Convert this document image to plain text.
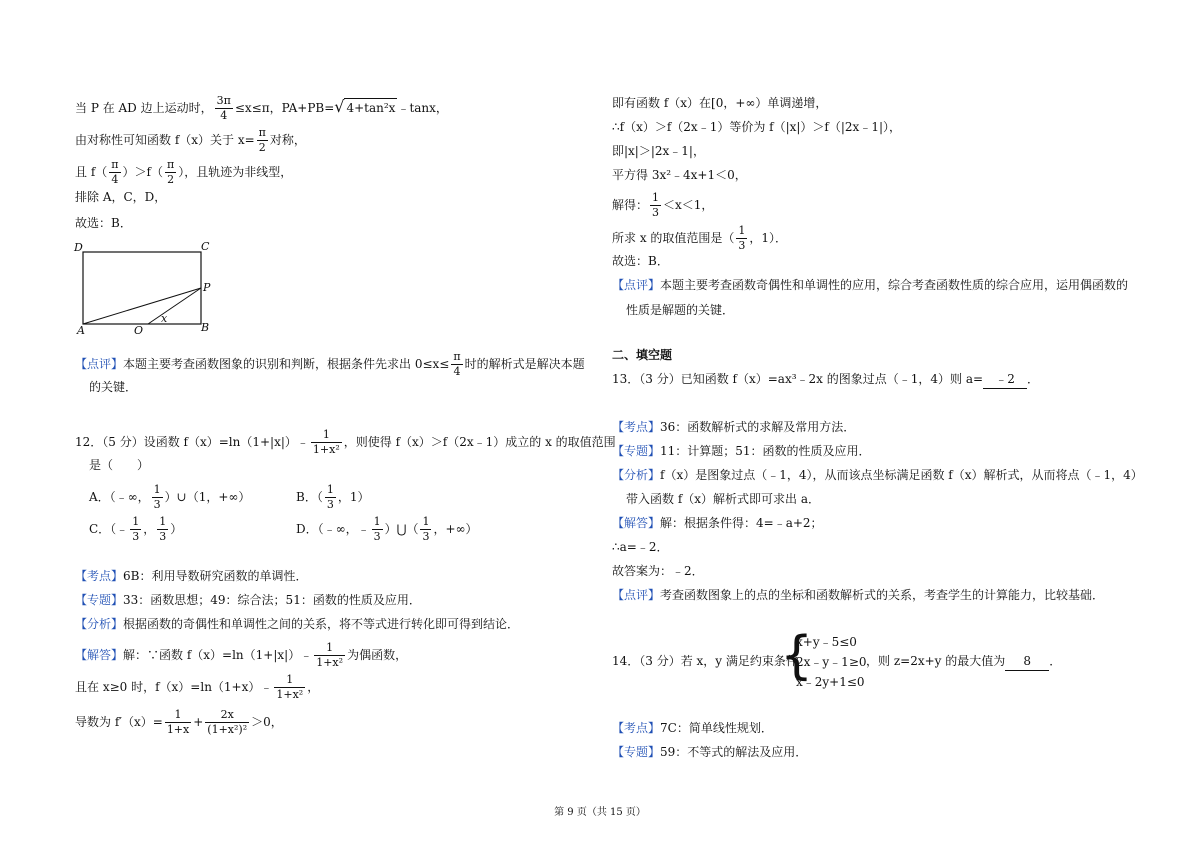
当 P 在 AD 边上运动时， $\frac{3\pi}{4} \le x\le\pi$，PA+PB=√ 4+tan²x ﹣tanx，
由对称性可知函数 f（x）关于 $x= \frac{\pi}{2}$ 对称，
且 $f( \frac{\pi}{4} )>f( \frac{\pi}{2}$ ），且轨迹为非线型，
排除 A，C，D，
故选：B．
D	C
P
A	O	B
x
【点评】本题主要考查函数图象的识别和判断，根据条件先求出 $0\le x\le \frac{\pi}{4}$ 时的解析式是解决本题
的关键．
12．（5 分）设函数 f（x）=ln（1+|x|）﹣ $\frac{1}{\text{1+x²}}$ ，则使得 f（x）＞f（2x﹣1）成立的 x 的取值范围
是（　　）
A．（﹣∞， $\frac{1}{3}$ ）∪（1，+∞）	B．（ $\frac{1}{3}$ ，1）
C．（﹣ $\frac{1}{3}$ ， $\frac{1}{3}$ ）	D．（﹣∞，﹣ $\frac{1}{3}$ ）⋃（ $\frac{1}{3}$ ，+∞）
【考点】6B：利用导数研究函数的单调性．
【专题】33：函数思想；49：综合法；51：函数的性质及应用．
【分析】根据函数的奇偶性和单调性之间的关系，将不等式进行转化即可得到结论．
【解答】解：∵函数 f（x）=ln（1+|x|）﹣ $\frac{1}{\text{1+x²}}$ 为偶函数，
且在 x≥0 时，f（x）=ln（1+x）﹣ $\frac{1}{\text{1+x²}}$ ，
导数为 $f'(x)= \frac{1}{1+x} + \frac{2x}{\text{(1+x²)²}} >0$，
即有函数 f（x）在[0，+∞）单调递增，
∴f（x）＞f（2x﹣1）等价为 f（|x|）＞f（|2x﹣1|），
即|x|＞|2x﹣1|，
平方得 3x²﹣4x+1＜0，
解得： $\frac{1}{3} <x<1$，
所求 x 的取值范围是（ $\frac{1}{3}$ ，1）．
故选：B．
【点评】本题主要考查函数奇偶性和单调性的应用，综合考查函数性质的综合应用，运用偶函数的
性质是解题的关键．
二、填空题
13．（3 分）已知函数 f（x）=ax³﹣2x 的图象过点（﹣1，4）则 a= ﹣2 ．
【考点】36：函数解析式的求解及常用方法．
【专题】11：计算题；51：函数的性质及应用．
【分析】f（x）是图象过点（﹣1，4），从而该点坐标满足函数 f（x）解析式，从而将点（﹣1，4）
带入函数 f（x）解析式即可求出 a．
【解答】解：根据条件得：4=﹣a+2；
∴a=﹣2．
故答案为：﹣2．
【点评】考查函数图象上的点的坐标和函数解析式的关系，考查学生的计算能力，比较基础．
14．（3 分）若 x，y 满足约束条件
{
x+y﹣5≤0
2x﹣y﹣1≥0
x﹣2y+1≤0
，则 z=2x+y 的最大值为 8 ．
【考点】7C：简单线性规划．
【专题】59：不等式的解法及应用．
第 9 页（共 15 页）
